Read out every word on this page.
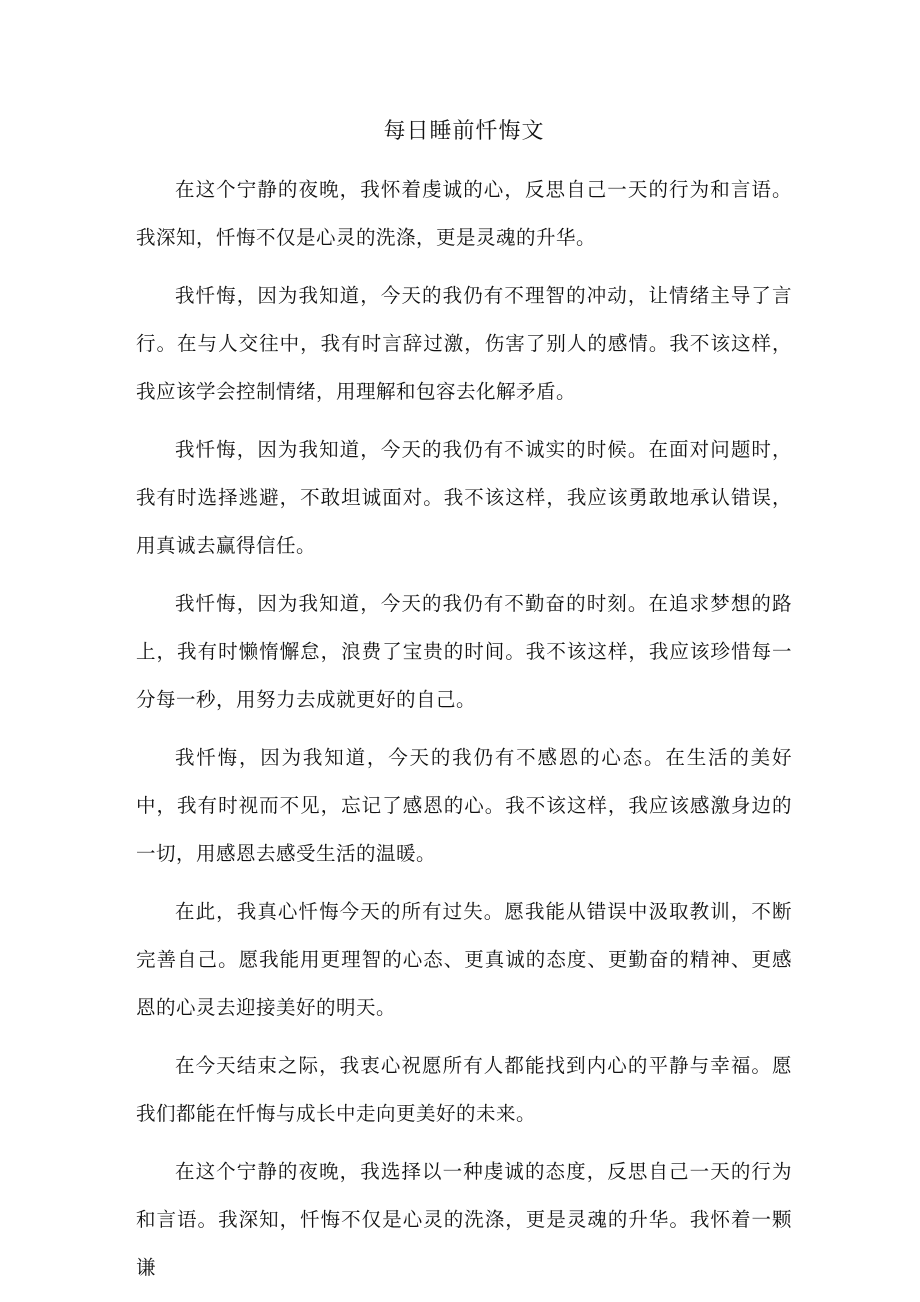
每日睡前忏悔文

在这个宁静的夜晚，我怀着虔诚的心，反思自己一天的行为和言语。我深知，忏悔不仅是心灵的洗涤，更是灵魂的升华。

我忏悔，因为我知道，今天的我仍有不理智的冲动，让情绪主导了言行。在与人交往中，我有时言辞过激，伤害了别人的感情。我不该这样，我应该学会控制情绪，用理解和包容去化解矛盾。

我忏悔，因为我知道，今天的我仍有不诚实的时候。在面对问题时，我有时选择逃避，不敢坦诚面对。我不该这样，我应该勇敢地承认错误，用真诚去赢得信任。

我忏悔，因为我知道，今天的我仍有不勤奋的时刻。在追求梦想的路上，我有时懒惰懈怠，浪费了宝贵的时间。我不该这样，我应该珍惜每一分每一秒，用努力去成就更好的自己。

我忏悔，因为我知道，今天的我仍有不感恩的心态。在生活的美好中，我有时视而不见，忘记了感恩的心。我不该这样，我应该感激身边的一切，用感恩去感受生活的温暖。

在此，我真心忏悔今天的所有过失。愿我能从错误中汲取教训，不断完善自己。愿我能用更理智的心态、更真诚的态度、更勤奋的精神、更感恩的心灵去迎接美好的明天。

在今天结束之际，我衷心祝愿所有人都能找到内心的平静与幸福。愿我们都能在忏悔与成长中走向更美好的未来。

在这个宁静的夜晚，我选择以一种虔诚的态度，反思自己一天的行为和言语。我深知，忏悔不仅是心灵的洗涤，更是灵魂的升华。我怀着一颗谦
